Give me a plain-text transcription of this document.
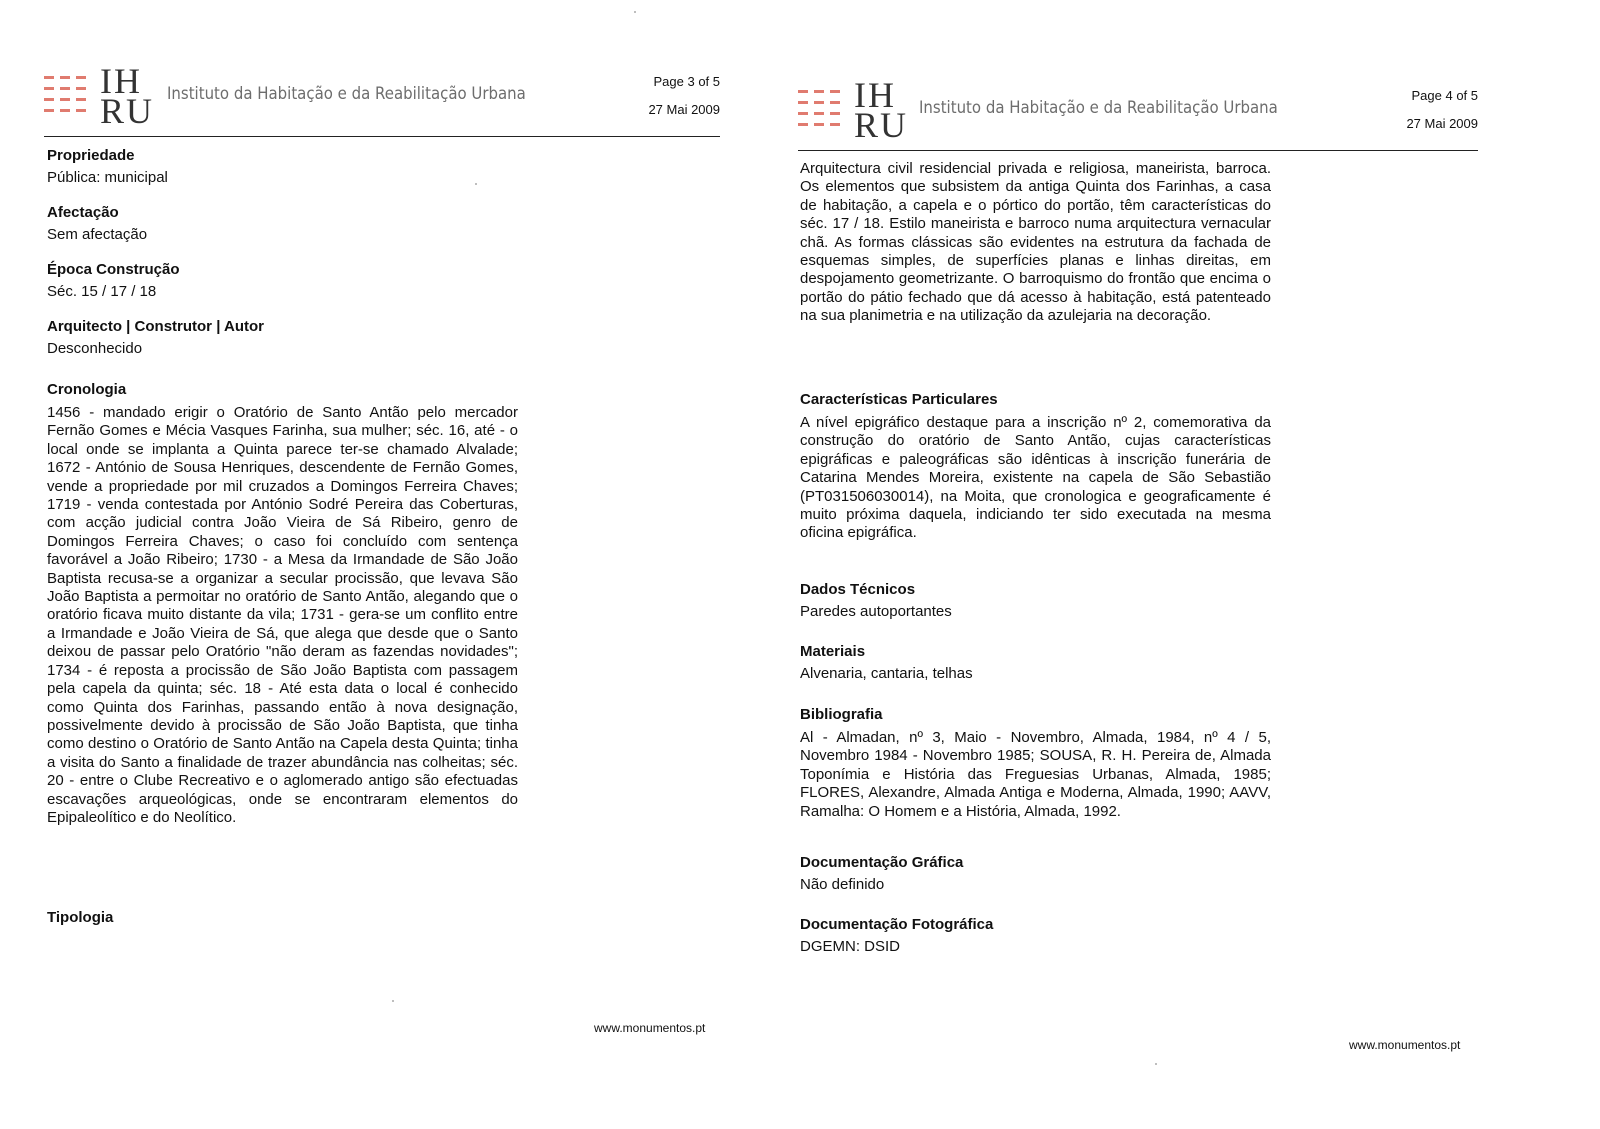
IH
RU Instituto da Habitação e da Reabilitação Urbana
Page 3 of 5
27 Mai 2009

Propriedade

Pública: municipal

Afectação

Sem afectação

Época Construção

Séc. 15 / 17 / 18

Arquitecto | Construtor | Autor

Desconhecido

Cronologia

1456 - mandado erigir o Oratório de Santo Antão pelo mercador Fernão Gomes e Mécia Vasques Farinha, sua mulher; séc. 16, até - o local onde se implanta a Quinta parece ter-se chamado Alvalade; 1672 - António de Sousa Henriques, descendente de Fernão Gomes, vende a propriedade por mil cruzados a Domingos Ferreira Chaves; 1719 - venda contestada por António Sodré Pereira das Coberturas, com acção judicial contra João Vieira de Sá Ribeiro, genro de Domingos Ferreira Chaves; o caso foi concluído com sentença favorável a João Ribeiro; 1730 - a Mesa da Irmandade de São João Baptista recusa-se a organizar a secular procissão, que levava São João Baptista a permoitar no oratório de Santo Antão, alegando que o oratório ficava muito distante da vila; 1731 - gera-se um conflito entre a Irmandade e João Vieira de Sá, que alega que desde que o Santo deixou de passar pelo Oratório "não deram as fazendas novidades"; 1734 - é reposta a procissão de São João Baptista com passagem pela capela da quinta; séc. 18 - Até esta data o local é conhecido como Quinta dos Farinhas, passando então à nova designação, possivelmente devido à procissão de São João Baptista, que tinha como destino o Oratório de Santo Antão na Capela desta Quinta; tinha a visita do Santo a finalidade de trazer abundância nas colheitas; séc. 20 - entre o Clube Recreativo e o aglomerado antigo são efectuadas escavações arqueológicas, onde se encontraram elementos do Epipaleolítico e do Neolítico.

Tipologia

www.monumentos.pt
IH
RU Instituto da Habitação e da Reabilitação Urbana
Page 4 of 5
27 Mai 2009

Arquitectura civil residencial privada e religiosa, maneirista, barroca. Os elementos que subsistem da antiga Quinta dos Farinhas, a casa de habitação, a capela e o pórtico do portão, têm características do séc. 17 / 18. Estilo maneirista e barroco numa arquitectura vernacular chã. As formas clássicas são evidentes na estrutura da fachada de esquemas simples, de superfícies planas e linhas direitas, em despojamento geometrizante. O barroquismo do frontão que encima o portão do pátio fechado que dá acesso à habitação, está patenteado na sua planimetria e na utilização da azulejaria na decoração.

Características Particulares

A nível epigráfico destaque para a inscrição nº 2, comemorativa da construção do oratório de Santo Antão, cujas características epigráficas e paleográficas são idênticas à inscrição funerária de Catarina Mendes Moreira, existente na capela de São Sebastião (PT031506030014), na Moita, que cronologica e geograficamente é muito próxima daquela, indiciando ter sido executada na mesma oficina epigráfica.

Dados Técnicos

Paredes autoportantes

Materiais

Alvenaria, cantaria, telhas

Bibliografia

Al - Almadan, nº 3, Maio - Novembro, Almada, 1984, nº 4 / 5, Novembro 1984 - Novembro 1985; SOUSA, R. H. Pereira de, Almada Toponímia e História das Freguesias Urbanas, Almada, 1985; FLORES, Alexandre, Almada Antiga e Moderna, Almada, 1990; AAVV, Ramalha: O Homem e a História, Almada, 1992.

Documentação Gráfica

Não definido

Documentação Fotográfica

DGEMN: DSID

www.monumentos.pt
